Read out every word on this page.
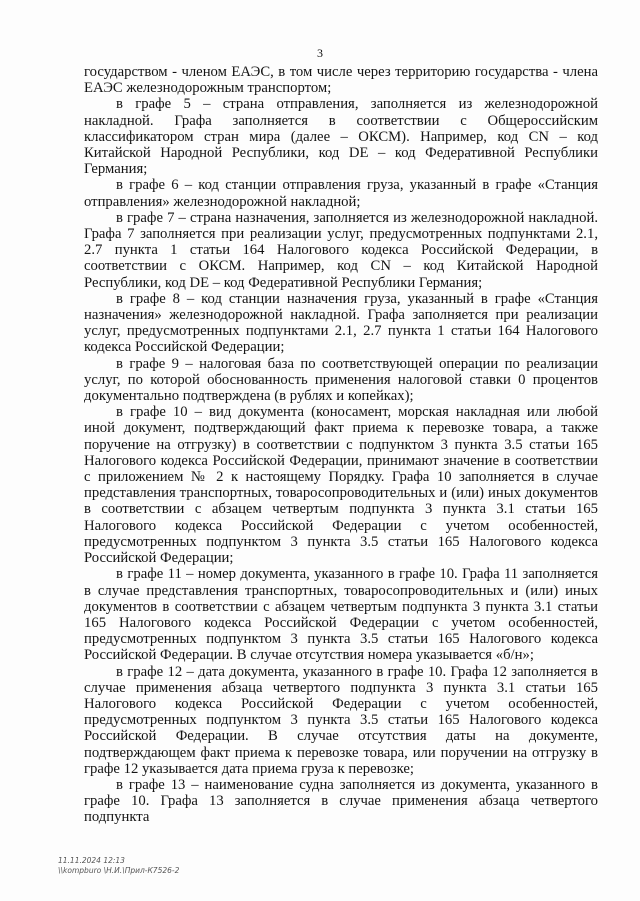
3

государством - членом ЕАЭС, в том числе через территорию государства - члена ЕАЭС железнодорожным транспортом;

в графе 5 – страна отправления, заполняется из железнодорожной накладной. Графа заполняется в соответствии с Общероссийским классификатором стран мира (далее – ОКСМ). Например, код CN – код Китайской Народной Республики, код DE – код Федеративной Республики Германия;

в графе 6 – код станции отправления груза, указанный в графе «Станция отправления» железнодорожной накладной;

в графе 7 – страна назначения, заполняется из железнодорожной накладной. Графа 7 заполняется при реализации услуг, предусмотренных подпунктами 2.1, 2.7 пункта 1 статьи 164 Налогового кодекса Российской Федерации, в соответствии с ОКСМ. Например, код CN – код Китайской Народной Республики, код DE – код Федеративной Республики Германия;

в графе 8 – код станции назначения груза, указанный в графе «Станция назначения» железнодорожной накладной. Графа заполняется при реализации услуг, предусмотренных подпунктами 2.1, 2.7 пункта 1 статьи 164 Налогового кодекса Российской Федерации;

в графе 9 – налоговая база по соответствующей операции по реализации услуг, по которой обоснованность применения налоговой ставки 0 процентов документально подтверждена (в рублях и копейках);

в графе 10 – вид документа (коносамент, морская накладная или любой иной документ, подтверждающий факт приема к перевозке товара, а также поручение на отгрузку) в соответствии с подпунктом 3 пункта 3.5 статьи 165 Налогового кодекса Российской Федерации, принимают значение в соответствии с приложением № 2 к настоящему Порядку. Графа 10 заполняется в случае представления транспортных, товаросопроводительных и (или) иных документов в соответствии с абзацем четвертым подпункта 3 пункта 3.1 статьи 165 Налогового кодекса Российской Федерации с учетом особенностей, предусмотренных подпунктом 3 пункта 3.5 статьи 165 Налогового кодекса Российской Федерации;

в графе 11 – номер документа, указанного в графе 10. Графа 11 заполняется в случае представления транспортных, товаросопроводительных и (или) иных документов в соответствии с абзацем четвертым подпункта 3 пункта 3.1 статьи 165 Налогового кодекса Российской Федерации с учетом особенностей, предусмотренных подпунктом 3 пункта 3.5 статьи 165 Налогового кодекса Российской Федерации. В случае отсутствия номера указывается «б/н»;

в графе 12 – дата документа, указанного в графе 10. Графа 12 заполняется в случае применения абзаца четвертого подпункта 3 пункта 3.1 статьи 165 Налогового кодекса Российской Федерации с учетом особенностей, предусмотренных подпунктом 3 пункта 3.5 статьи 165 Налогового кодекса Российской Федерации. В случае отсутствия даты на документе, подтверждающем факт приема к перевозке товара, или поручении на отгрузку в графе 12 указывается дата приема груза к перевозке;

в графе 13 – наименование судна заполняется из документа, указанного в графе 10. Графа 13 заполняется в случае применения абзаца четвертого подпункта

11.11.2024 12:13
\\kompburo \Н.И.\Прил-К7526-2
